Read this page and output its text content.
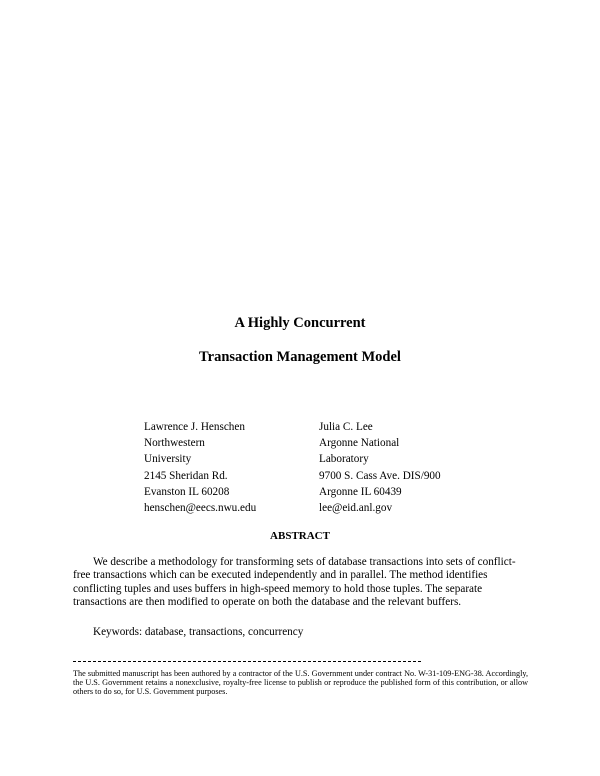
A Highly Concurrent
Transaction Management Model
Lawrence J. Henschen
Northwestern
University
2145 Sheridan Rd.
Evanston IL 60208
henschen@eecs.nwu.edu
Julia C. Lee
Argonne National
Laboratory
9700 S. Cass Ave. DIS/900
Argonne IL 60439
lee@eid.anl.gov
ABSTRACT

We describe a methodology for transforming sets of database transactions into sets of conflict-free transactions which can be executed independently and in parallel. The method identifies conflicting tuples and uses buffers in high-speed memory to hold those tuples. The separate transactions are then modified to operate on both the database and the relevant buffers.

Keywords: database, transactions, concurrency

The submitted manuscript has been authored by a contractor of the U.S. Government under contract No. W-31-109-ENG-38. Accordingly, the U.S. Government retains a nonexclusive, royalty-free license to publish or reproduce the published form of this contribution, or allow others to do so, for U.S. Government purposes.
